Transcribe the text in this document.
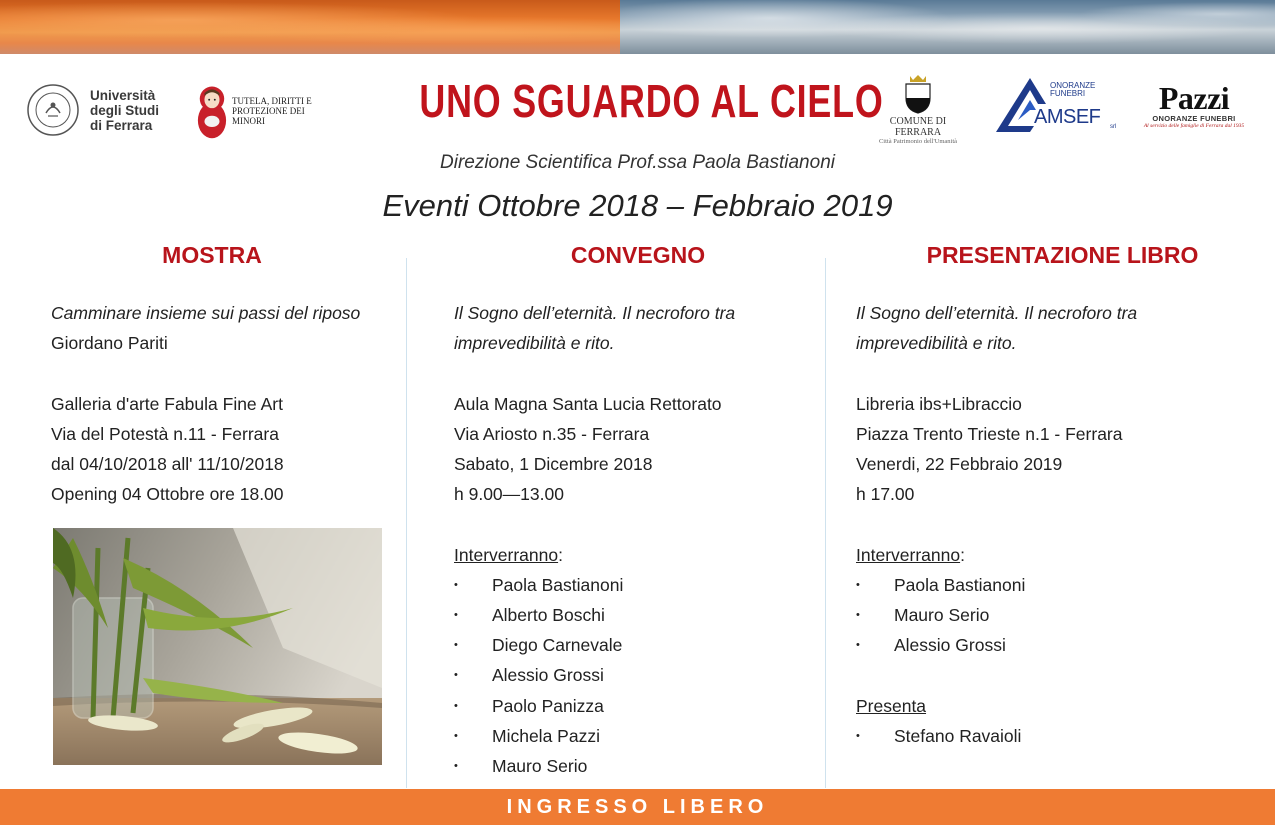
Università
degli Studi
di Ferrara
TUTELA, DIRITTI E PROTEZIONE DEI MINORI	UNO SGUARDO AL CIELO COMUNE DI FERRARA
Città Patrimonio dell'Umanità
ONORANZE
FUNEBRI
AMSEF srl
Pazzi
ONORANZE FUNEBRI
Al servizio delle famiglie di Ferrara dal 1935
Direzione Scientifica Prof.ssa Paola Bastianoni
Eventi Ottobre 2018 – Febbraio 2019
MOSTRA
Camminare insieme sui passi del riposo
Giordano Pariti
Galleria d'arte Fabula Fine Art
Via del Potestà n.11 - Ferrara
dal 04/10/2018 all' 11/10/2018
Opening 04 Ottobre ore 18.00
CONVEGNO
Il Sogno dell’eternità. Il necroforo tra
imprevedibilità e rito.
Aula Magna Santa Lucia Rettorato
Via Ariosto n.35 - Ferrara
Sabato, 1 Dicembre 2018
h 9.00—13.00
Interverranno:
• Paola Bastianoni
• Alberto Boschi
• Diego Carnevale
• Alessio Grossi
• Paolo Panizza
• Michela Pazzi
• Mauro Serio
PRESENTAZIONE LIBRO
Il Sogno dell’eternità. Il necroforo tra
imprevedibilità e rito.
Libreria ibs+Libraccio
Piazza Trento Trieste n.1 - Ferrara
Venerdi, 22 Febbraio 2019
h 17.00
Interverranno:
• Paola Bastianoni
• Mauro Serio
• Alessio Grossi
Presenta
• Stefano Ravaioli
INGRESSO LIBERO
